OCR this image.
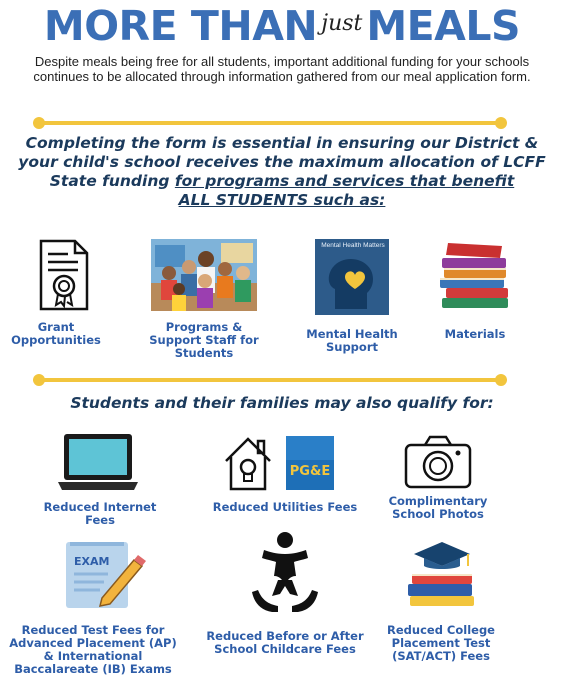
MORE THAN justMEALS
Despite meals being free for all students, important additional funding for your schools continues to be allocated through information gathered from our meal application form.
Completing the form is essential in ensuring our District &
your child's school receives the maximum allocation of LCFF
State funding for programs and services that benefit
ALL STUDENTS such as:
Grant Opportunities
Programs & Support Staff for Students
Mental Health Matters
Mental Health Support
Materials
Students and their families may also qualify for:
Reduced Internet Fees
PG&E
Reduced Utilities Fees	Complimentary School Photos
EXAM
Reduced Test Fees for Advanced Placement (AP) & International Baccalareate (IB) Exams
Reduced Before or After School Childcare Fees
Reduced College Placement Test (SAT/ACT) Fees
